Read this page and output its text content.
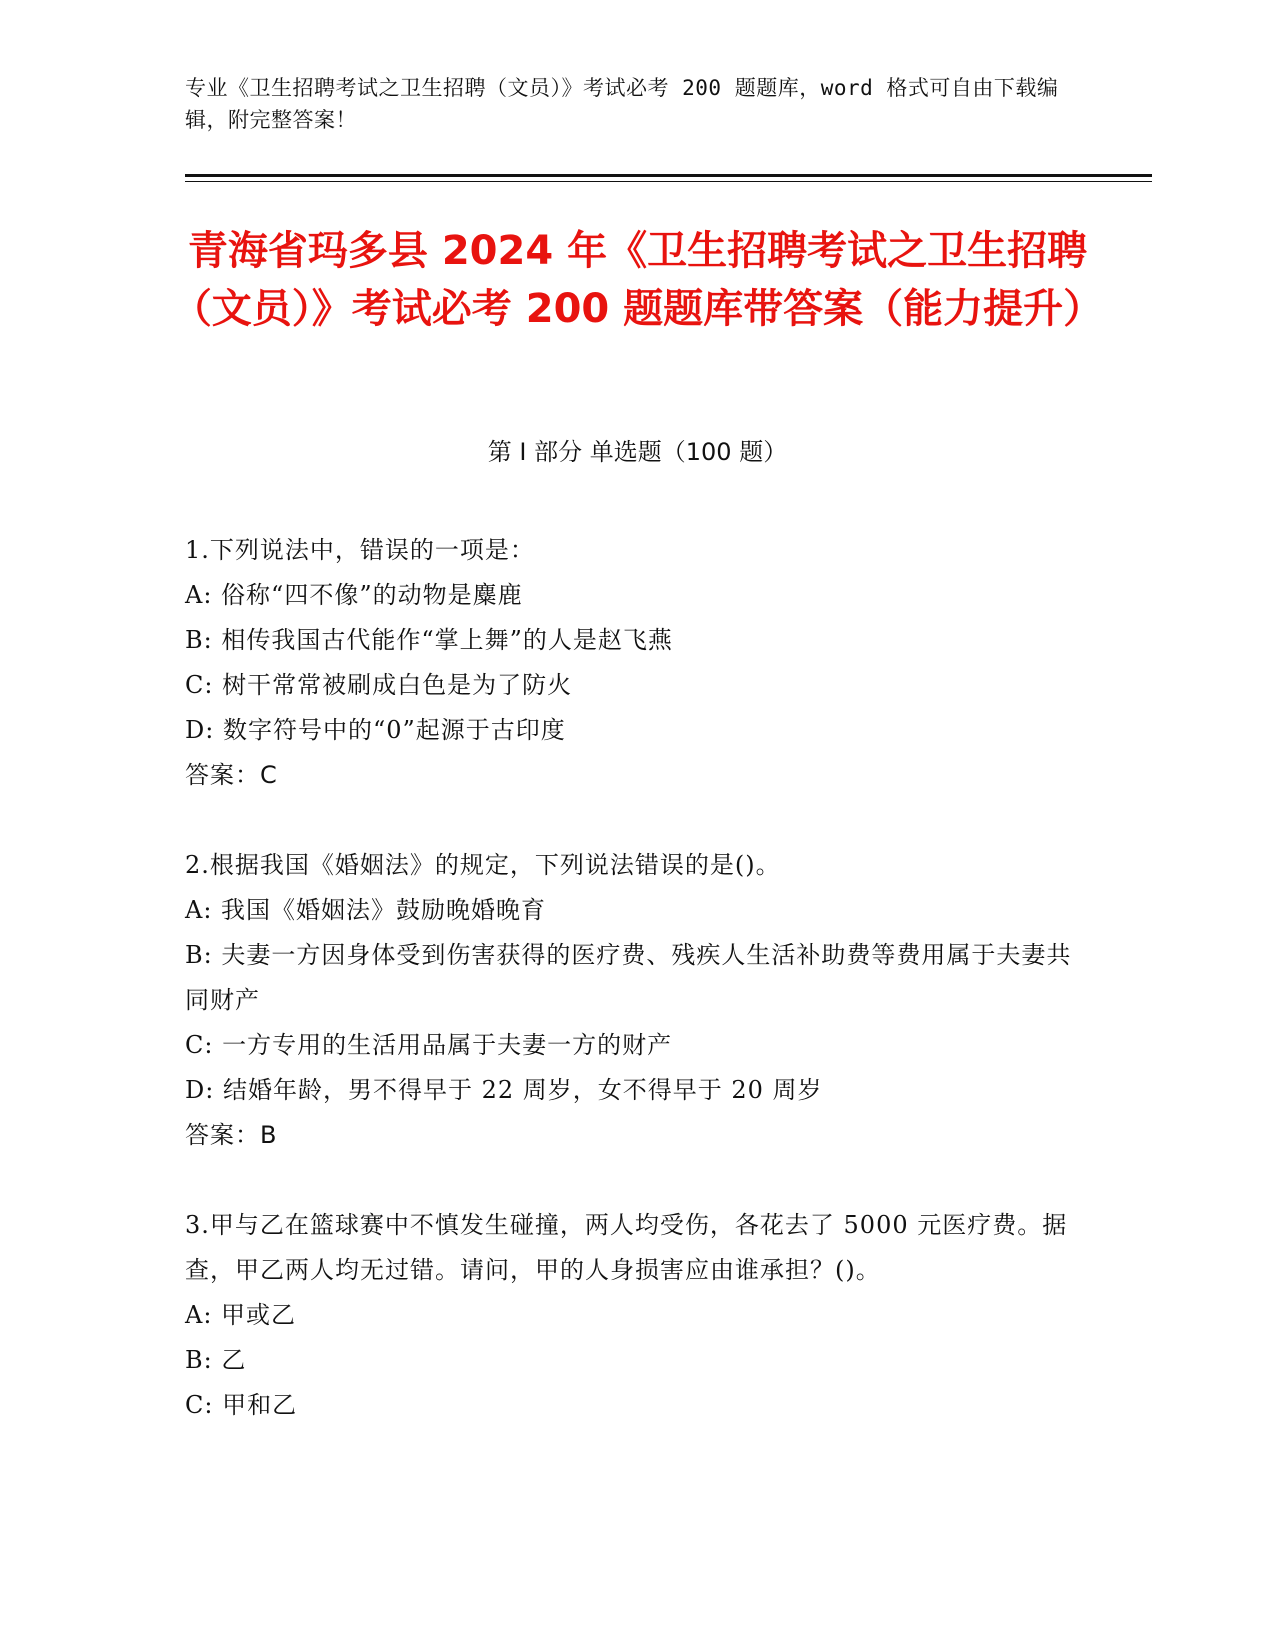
专业《卫生招聘考试之卫生招聘（文员）》考试必考 200 题题库，word 格式可自由下载编辑，附完整答案！
青海省玛多县 2024 年《卫生招聘考试之卫生招聘（文员）》考试必考 200 题题库带答案（能力提升）
第 I 部分 单选题（100 题）

1.下列说法中，错误的一项是：

A: 俗称“四不像”的动物是麋鹿

B: 相传我国古代能作“掌上舞”的人是赵飞燕

C: 树干常常被刷成白色是为了防火

D: 数字符号中的“0”起源于古印度

答案：C

2.根据我国《婚姻法》的规定，下列说法错误的是()。

A: 我国《婚姻法》鼓励晚婚晚育

B: 夫妻一方因身体受到伤害获得的医疗费、残疾人生活补助费等费用属于夫妻共同财产

C: 一方专用的生活用品属于夫妻一方的财产

D: 结婚年龄，男不得早于 22 周岁，女不得早于 20 周岁

答案：B

3.甲与乙在篮球赛中不慎发生碰撞，两人均受伤，各花去了 5000 元医疗费。据查，甲乙两人均无过错。请问，甲的人身损害应由谁承担？()。

A: 甲或乙

B: 乙

C: 甲和乙
